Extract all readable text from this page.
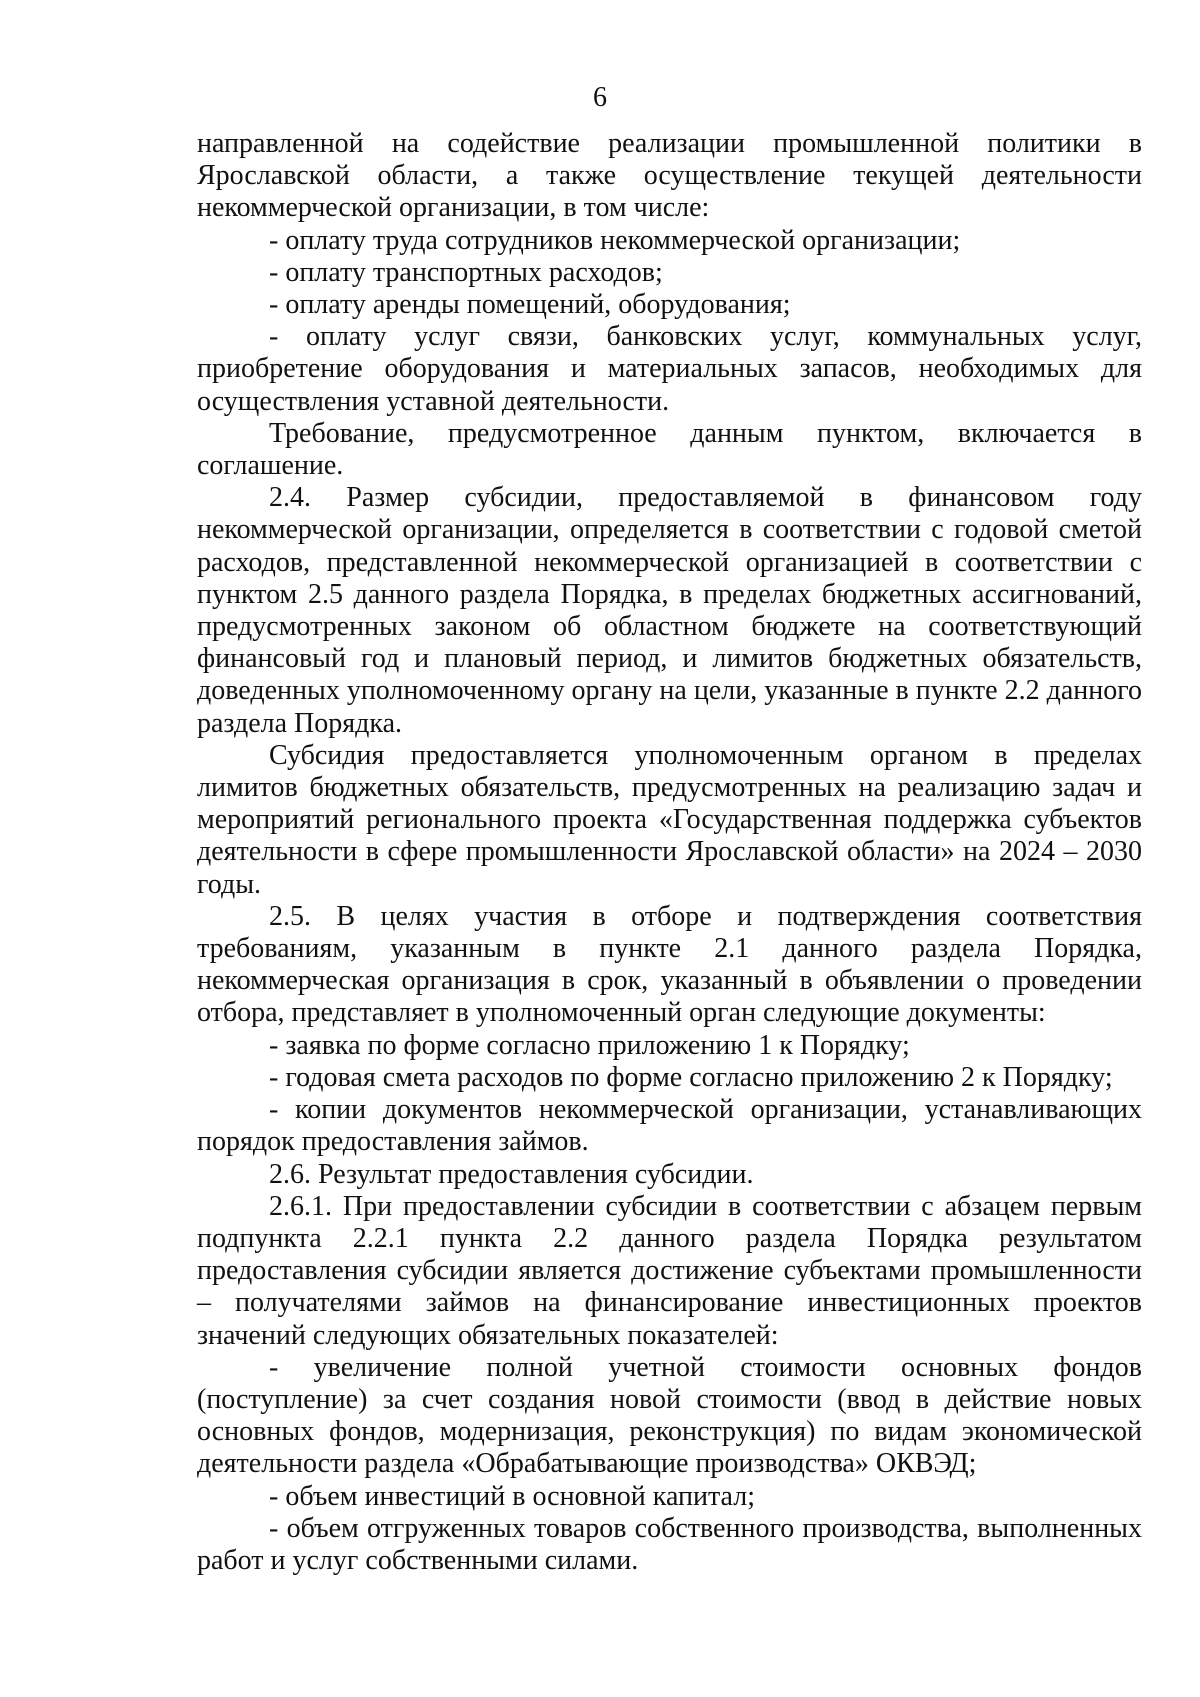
6

направленной на содействие реализации промышленной политики в Ярославской области, а также осуществление текущей деятельности некоммерческой организации, в том числе:

- оплату труда сотрудников некоммерческой организации;

- оплату транспортных расходов;

- оплату аренды помещений, оборудования;

- оплату услуг связи, банковских услуг, коммунальных услуг, приобретение оборудования и материальных запасов, необходимых для осуществления уставной деятельности.

Требование, предусмотренное данным пунктом, включается в соглашение.

2.4. Размер субсидии, предоставляемой в финансовом году некоммерческой организации, определяется в соответствии с годовой сметой расходов, представленной некоммерческой организацией в соответствии с пунктом 2.5 данного раздела Порядка, в пределах бюджетных ассигнований, предусмотренных законом об областном бюджете на соответствующий финансовый год и плановый период, и лимитов бюджетных обязательств, доведенных уполномоченному органу на цели, указанные в пункте 2.2 данного раздела Порядка.

Субсидия предоставляется уполномоченным органом в пределах лимитов бюджетных обязательств, предусмотренных на реализацию задач и мероприятий регионального проекта «Государственная поддержка субъектов деятельности в сфере промышленности Ярославской области» на 2024 – 2030 годы.

2.5. В целях участия в отборе и подтверждения соответствия требованиям, указанным в пункте 2.1 данного раздела Порядка, некоммерческая организация в срок, указанный в объявлении о проведении отбора, представляет в уполномоченный орган следующие документы:

- заявка по форме согласно приложению 1 к Порядку;

- годовая смета расходов по форме согласно приложению 2 к Порядку;

- копии документов некоммерческой организации, устанавливающих порядок предоставления займов.

2.6. Результат предоставления субсидии.

2.6.1. При предоставлении субсидии в соответствии с абзацем первым подпункта 2.2.1 пункта 2.2 данного раздела Порядка результатом предоставления субсидии является достижение субъектами промышленности – получателями займов на финансирование инвестиционных проектов значений следующих обязательных показателей:

- увеличение полной учетной стоимости основных фондов (поступление) за счет создания новой стоимости (ввод в действие новых основных фондов, модернизация, реконструкция) по видам экономической деятельности раздела «Обрабатывающие производства» ОКВЭД;

- объем инвестиций в основной капитал;

- объем отгруженных товаров собственного производства, выполненных работ и услуг собственными силами.
